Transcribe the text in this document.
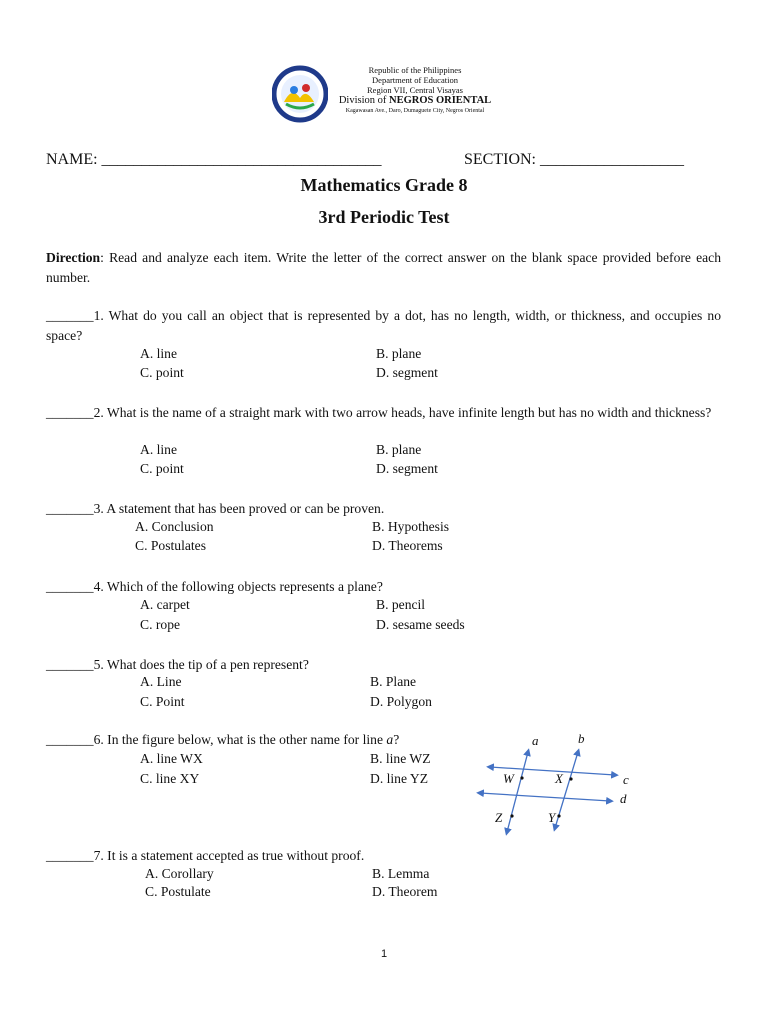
Republic of the Philippines
Department of Education
Region VII, Central Visayas
Division of NEGROS ORIENTAL
Kagawasan Ave., Daro, Dumaguete City, Negros Oriental
NAME: ___________________________________	SECTION: __________________
Mathematics Grade 8
3rd Periodic Test
Direction: Read and analyze each item. Write the letter of the correct answer on the blank space provided before each number.
_______1. What do you call an object that is represented by a dot, has no length, width, or thickness, and occupies no space?
A. line	B. plane
C. point	D. segment
_______2. What is the name of a straight mark with two arrow heads, have infinite length but has no width and thickness?
A. line	B. plane
C. point	D. segment
_______3. A statement that has been proved or can be proven.
A. Conclusion	B. Hypothesis
C. Postulates	D. Theorems
_______4. Which of the following objects represents a plane?
A. carpet	B. pencil
C. rope	D. sesame seeds
_______5. What does the tip of a pen represent?
A. Line	B. Plane
C. Point	D. Polygon
_______6. In the figure below, what is the other name for line a?
A. line WX	B. line WZ
C. line XY	D. line YZ
a	b
c
d
W	X
Z	Y
_______7. It is a statement accepted as true without proof.
A. Corollary	B. Lemma
C. Postulate	D. Theorem
1
